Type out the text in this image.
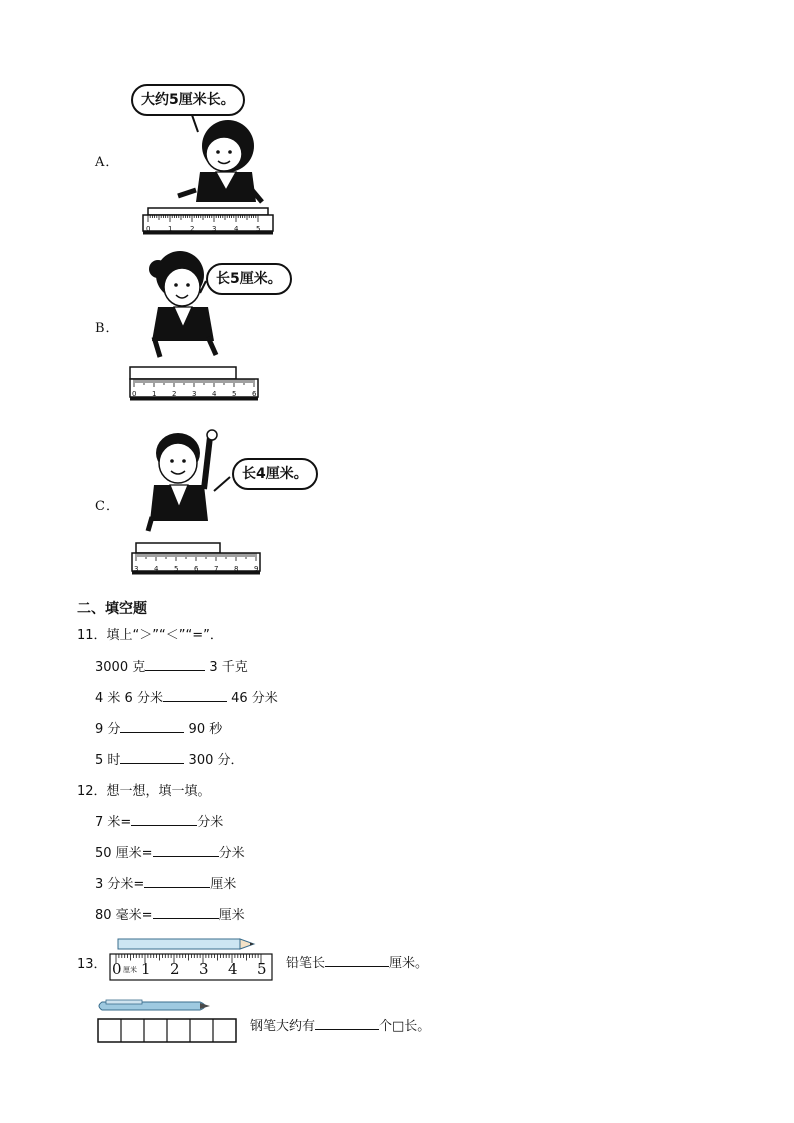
A．
大约5厘米长。
0	1	2	3	4	5
B．
长5厘米。
0 1 2 3 4 5 6
C．
长4厘米。
3 4 5 6 7 8 9
二、填空题
11．填上“＞”“＜”“=”．
3000 克	3 千克
4 米 6 分米	46 分米
9 分	90 秒
5 时	300 分．
12．想一想，填一填。
7 米=	分米
50 厘米=	分米
3 分米=	厘米
80 毫米=	厘米
13． 0 厘米 1 2 3 4 5 铅笔长	厘米。
钢笔大约有	个□长。
